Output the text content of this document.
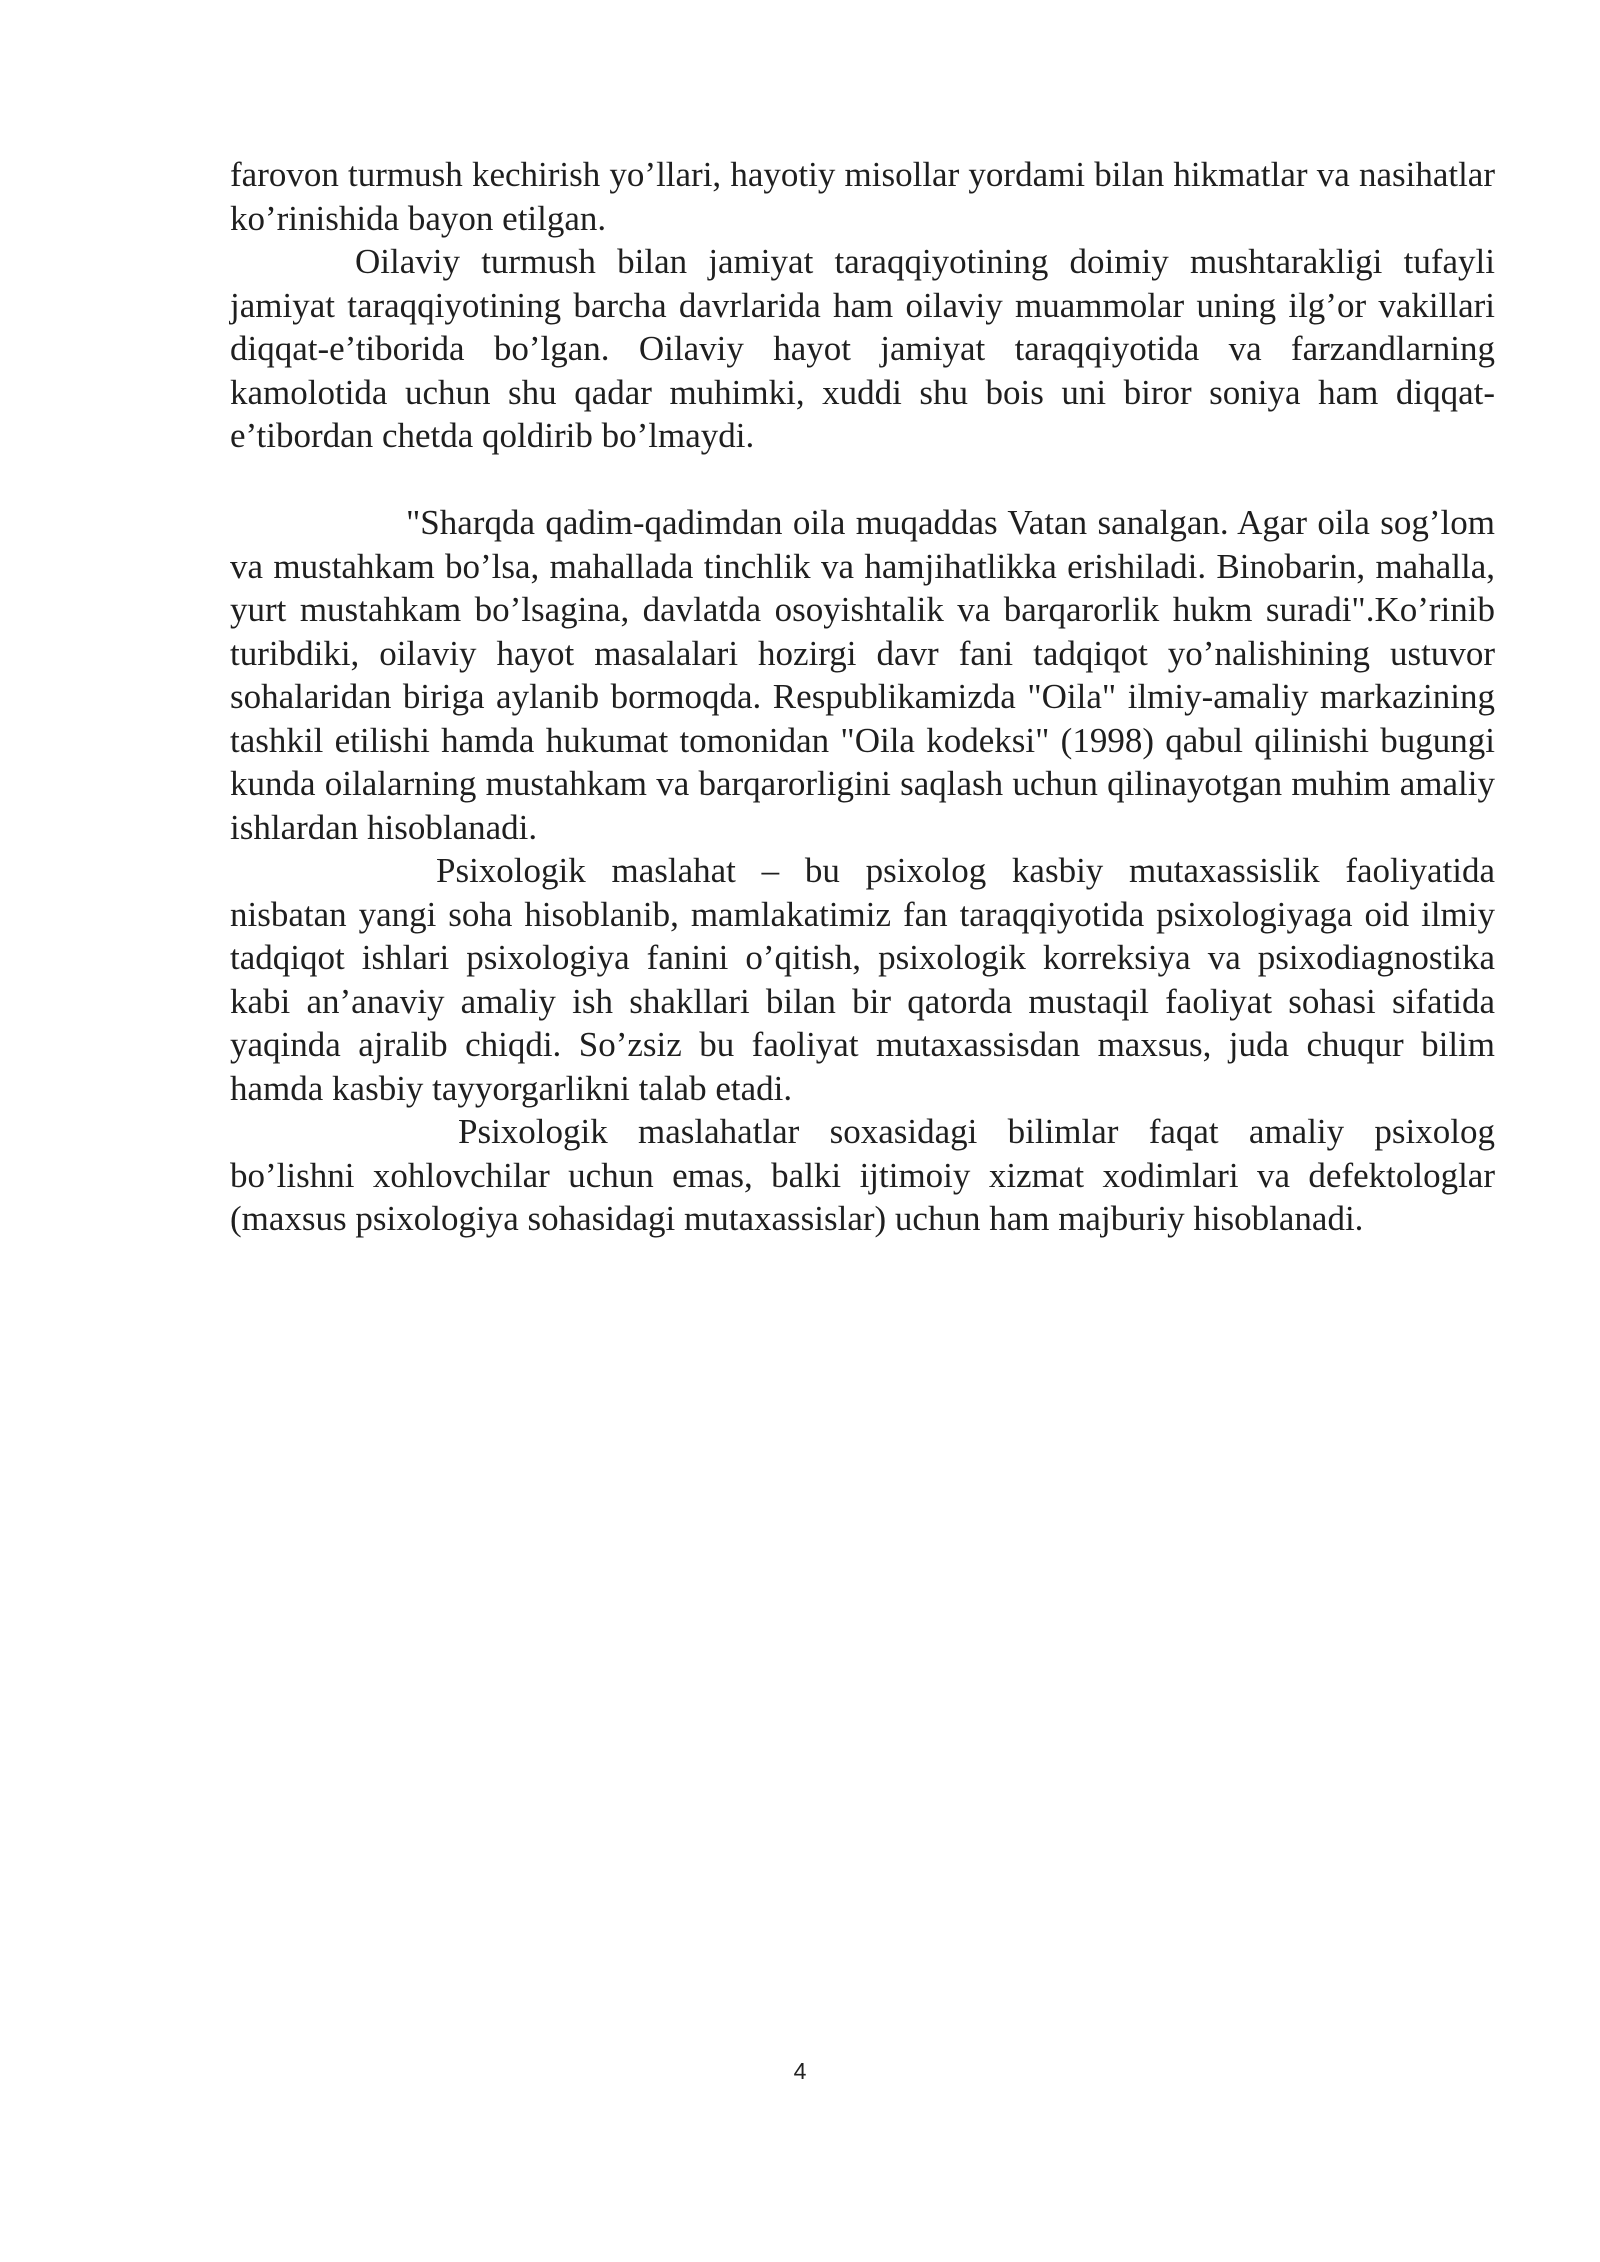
farovon turmush kechirish yo’llari, hayotiy misollar yordami bilan hikmatlar va nasihatlar ko’rinishida bayon etilgan.

Oilaviy turmush bilan jamiyat taraqqiyotining doimiy mushtarakligi tufayli jamiyat taraqqiyotining barcha davrlarida ham oilaviy muammolar uning ilg’or vakillari diqqat-e’tiborida bo’lgan. Oilaviy hayot jamiyat taraqqiyotida va farzandlarning kamolotida uchun shu qadar muhimki, xuddi shu bois uni biror soniya ham diqqat- e’tibordan chetda qoldirib bo’lmaydi.

"Sharqda qadim-qadimdan oila muqaddas Vatan sanalgan. Agar oila sog’lom va mustahkam bo’lsa, mahallada tinchlik va hamjihatlikka erishiladi. Binobarin, mahalla, yurt mustahkam bo’lsagina, davlatda osoyishtalik va barqarorlik hukm suradi".Ko’rinib turibdiki, oilaviy hayot masalalari hozirgi davr fani tadqiqot yo’nalishining ustuvor sohalaridan biriga aylanib bormoqda. Respublikamizda "Oila" ilmiy-amaliy markazining tashkil etilishi hamda hukumat tomonidan "Oila kodeksi" (1998) qabul qilinishi bugungi kunda oilalarning mustahkam va barqarorligini saqlash uchun qilinayotgan muhim amaliy ishlardan hisoblanadi.

Psixologik maslahat – bu psixolog kasbiy mutaxassislik faoliyatida nisbatan yangi soha hisoblanib, mamlakatimiz fan taraqqiyotida psixologiyaga oid ilmiy tadqiqot ishlari psixologiya fanini o’qitish, psixologik korreksiya va psixodiagnostika kabi an’anaviy amaliy ish shakllari bilan bir qatorda mustaqil faoliyat sohasi sifatida yaqinda ajralib chiqdi. So’zsiz bu faoliyat mutaxassisdan maxsus, juda chuqur bilim hamda kasbiy tayyorgarlikni talab etadi.

Psixologik maslahatlar soxasidagi bilimlar faqat amaliy psixolog bo’lishni xohlovchilar uchun emas, balki ijtimoiy xizmat xodimlari va defektologlar (maxsus psixologiya sohasidagi mutaxassislar) uchun ham majburiy hisoblanadi.

4
